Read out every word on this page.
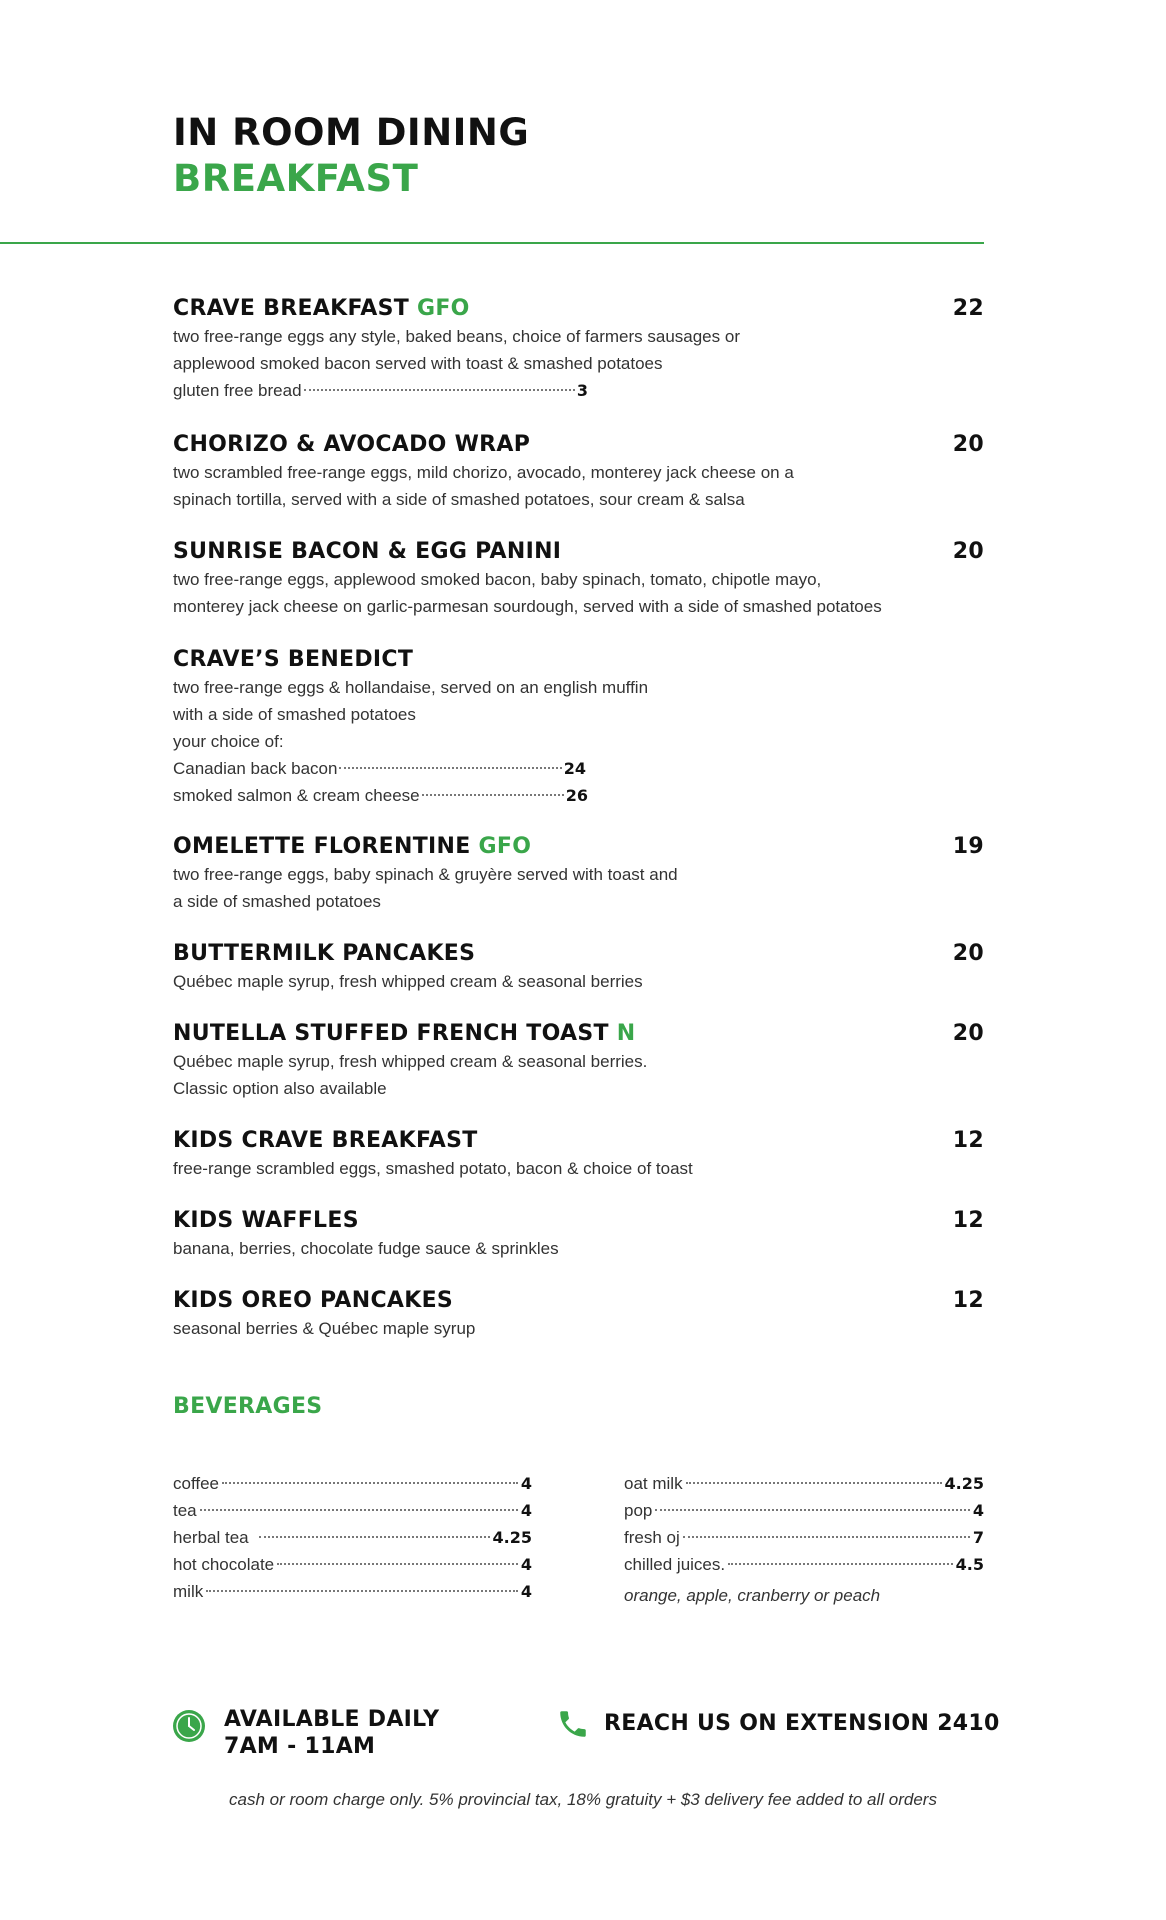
IN ROOM DINING
BREAKFAST
CRAVE BREAKFAST GFO	22
two free-range eggs any style, baked beans, choice of farmers sausages or
applewood smoked bacon served with toast & smashed potatoes
gluten free bread	3
CHORIZO & AVOCADO WRAP	20
two scrambled free-range eggs, mild chorizo, avocado, monterey jack cheese on a
spinach tortilla, served with a side of smashed potatoes, sour cream & salsa
SUNRISE BACON & EGG PANINI	20
two free-range eggs, applewood smoked bacon, baby spinach, tomato, chipotle mayo,
monterey jack cheese on garlic-parmesan sourdough, served with a side of smashed potatoes
CRAVE’S BENEDICT
two free-range eggs & hollandaise, served on an english muffin
with a side of smashed potatoes
your choice of:
Canadian back bacon	24
smoked salmon & cream cheese	26
OMELETTE FLORENTINE GFO	19
two free-range eggs, baby spinach & gruyère served with toast and
a side of smashed potatoes
BUTTERMILK PANCAKES	20
Québec maple syrup, fresh whipped cream & seasonal berries
NUTELLA STUFFED FRENCH TOAST N	20
Québec maple syrup, fresh whipped cream & seasonal berries.
Classic option also available
KIDS CRAVE BREAKFAST	12
free-range scrambled eggs, smashed potato, bacon & choice of toast
KIDS WAFFLES	12
banana, berries, chocolate fudge sauce & sprinkles
KIDS OREO PANCAKES	12
seasonal berries & Québec maple syrup
BEVERAGES
coffee	4
tea	4
herbal tea	4.25
hot chocolate	4
milk	4
oat milk	4.25
pop	4
fresh oj	7
chilled juices.	4.5
orange, apple, cranberry or peach
AVAILABLE DAILY
7AM - 11AM
REACH US ON EXTENSION 2410
cash or room charge only. 5% provincial tax, 18% gratuity + $3 delivery fee added to all orders
